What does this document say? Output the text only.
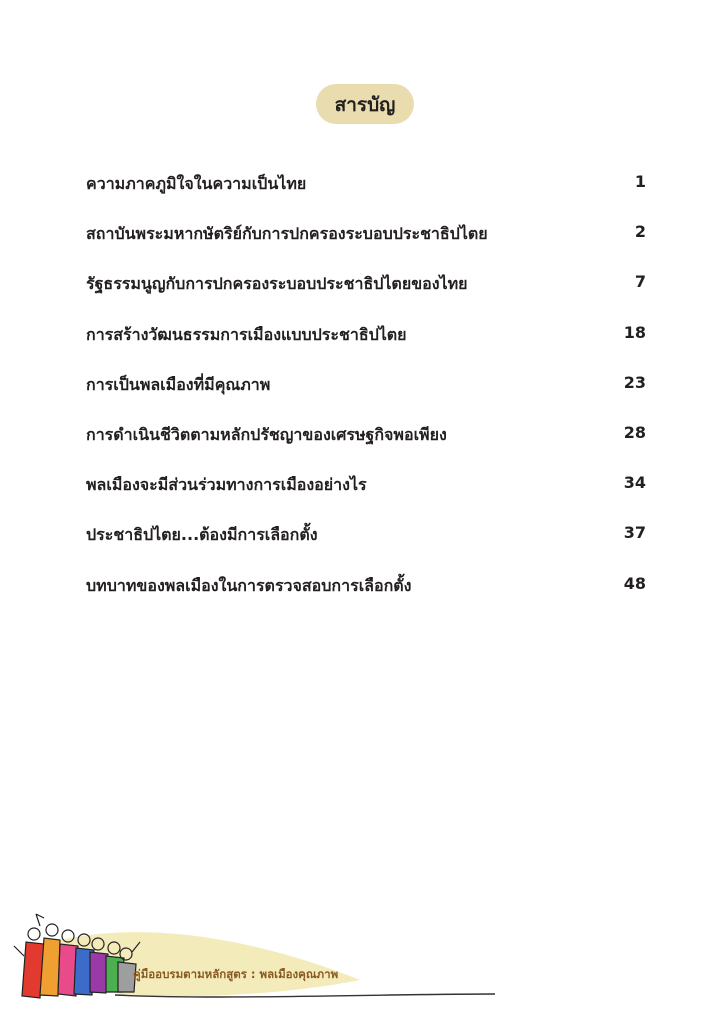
สารบัญ
ความภาคภูมิใจในความเป็นไทย	1
สถาบันพระมหากษัตริย์กับการปกครองระบอบประชาธิปไตย	2
รัฐธรรมนูญกับการปกครองระบอบประชาธิปไตยของไทย	7
การสร้างวัฒนธรรมการเมืองแบบประชาธิปไตย	18
การเป็นพลเมืองที่มีคุณภาพ	23
การดำเนินชีวิตตามหลักปรัชญาของเศรษฐกิจพอเพียง	28
พลเมืองจะมีส่วนร่วมทางการเมืองอย่างไร	34
ประชาธิปไตย...ต้องมีการเลือกตั้ง	37
บทบาทของพลเมืองในการตรวจสอบการเลือกตั้ง	48
คู่มืออบรมตามหลักสูตร : พลเมืองคุณภาพ
